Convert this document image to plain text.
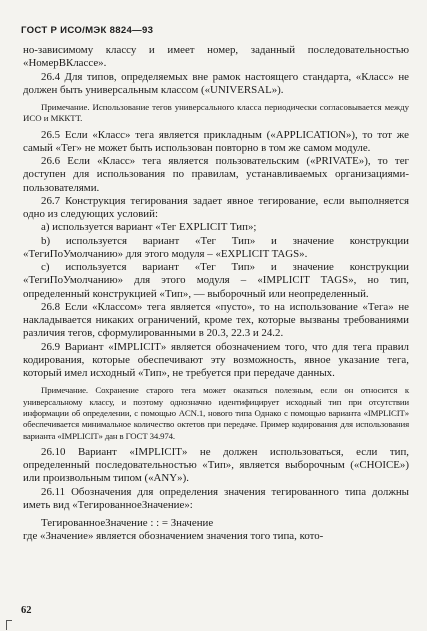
ГОСТ Р ИСО/МЭК 8824—93

но-зависимому классу и имеет номер, заданный последовательностью «НомерВКлассе».

26.4 Для типов, определяемых вне рамок настоящего стандарта, «Класс» не должен быть универсальным классом («UNIVERSAL»).

Примечание. Использование тегов универсального класса периодически согласовывается между ИСО и МККТТ.

26.5 Если «Класс» тега является прикладным («APPLICATION»), то тот же самый «Тег» не может быть использован повторно в том же самом модуле.

26.6 Если «Класс» тега является пользовательским («PRIVATE»), то тег доступен для использования по правилам, устанавливаемых организациями-пользователями.

26.7 Конструкция тегирования задает явное тегирование, если выполняется одно из следующих условий:

a) используется вариант «Тег EXPLICIT Тип»;

b) используется вариант «Тег Тип» и значение конструкции «ТегиПоУмолчанию» для этого модуля – «EXPLICIT TAGS».

c) используется вариант «Тег Тип» и значение конструкции «ТегиПоУмолчанию» для этого модуля – «IMPLICIT TAGS», но тип, определенный конструкцией «Тип», — выборочный или неопределенный.

26.8 Если «Классом» тега является «пусто», то на использование «Тега» не накладывается никаких ограничений, кроме тех, которые вызваны требованиями различия тегов, сформулированными в 20.3, 22.3 и 24.2.

26.9 Вариант «IMPLICIT» является обозначением того, что для тега правил кодирования, которые обеспечивают эту возможность, явное указание тега, который имел исходный «Тип», не требуется при передаче данных.

Примечание. Сохранение старого тега может оказаться полезным, если он относится к универсальному классу, и поэтому однозначно идентифицирует исходный тип при отсутствии информации об определении, с помощью ACN.1, нового типа Однако с помощью варианта «IMPLICIT» обеспечивается минимальное количество октетов при передаче. Пример кодирования для использования варианта «IMPLICIT» дан в ГОСТ 34.974.

26.10 Вариант «IMPLICIT» не должен использоваться, если тип, определенный последовательностью «Тип», является выборочным («CHOICE») или произвольным типом («ANY»).

26.11 Обозначения для определения значения тегированного типа должны иметь вид «ТегированноеЗначение»:

ТегированноеЗначение : : = Значение

где «Значение» является обозначением значения того типа, кото-

62
